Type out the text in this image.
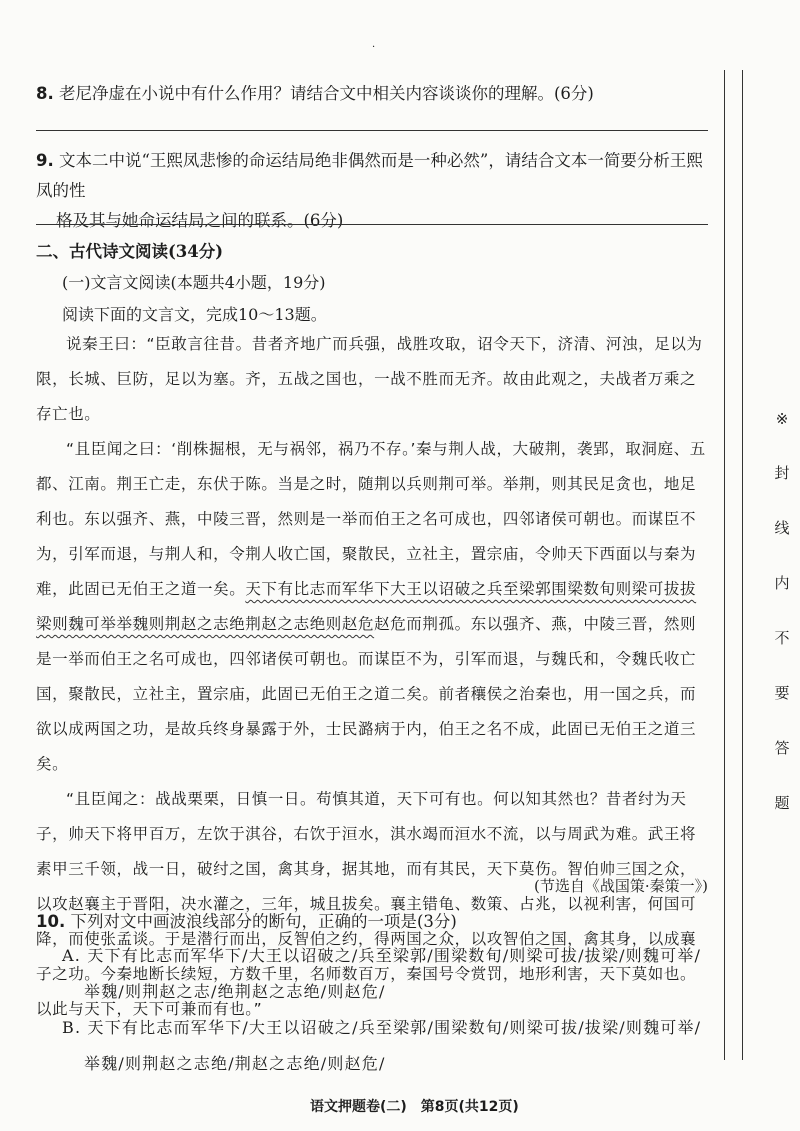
·
8. 老尼净虚在小说中有什么作用？请结合文中相关内容谈谈你的理解。(6分)
9. 文本二中说“王熙凤悲惨的命运结局绝非偶然而是一种必然”，请结合文本一简要分析王熙凤的性
格及其与她命运结局之间的联系。(6分)
二、古代诗文阅读(34分)
(一)文言文阅读(本题共4小题，19分)
阅读下面的文言文，完成10～13题。

说秦王曰：“臣敢言往昔。昔者齐地广而兵强，战胜攻取，诏令天下，济清、河浊，足以为限，长城、巨防，足以为塞。齐，五战之国也，一战不胜而无齐。故由此观之，夫战者万乘之存亡也。

“且臣闻之曰：‘削株掘根，无与祸邻，祸乃不存。’秦与荆人战，大破荆，袭郢，取洞庭、五都、江南。荆王亡走，东伏于陈。当是之时，随荆以兵则荆可举。举荆，则其民足贪也，地足利也。东以强齐、燕，中陵三晋，然则是一举而伯王之名可成也，四邻诸侯可朝也。而谋臣不为，引军而退，与荆人和，令荆人收亡国，聚散民，立社主，置宗庙，令帅天下西面以与秦为难，此固已无伯王之道一矣。天下有比志而军华下大王以诏破之兵至梁郭围梁数旬则梁可拔拔梁则魏可举举魏则荆赵之志绝荆赵之志绝则赵危赵危而荆孤。东以强齐、燕，中陵三晋，然则是一举而伯王之名可成也，四邻诸侯可朝也。而谋臣不为，引军而退，与魏氏和，令魏氏收亡国，聚散民，立社主，置宗庙，此固已无伯王之道二矣。前者穰侯之治秦也，用一国之兵，而欲以成两国之功，是故兵终身暴露于外，士民潞病于内，伯王之名不成，此固已无伯王之道三矣。

“且臣闻之：战战栗栗，日慎一日。苟慎其道，天下可有也。何以知其然也？昔者纣为天子，帅天下将甲百万，左饮于淇谷，右饮于洹水，淇水竭而洹水不流，以与周武为难。武王将素甲三千领，战一日，破纣之国，禽其身，据其地，而有其民，天下莫伤。智伯帅三国之众，以攻赵襄主于晋阳，决水灌之，三年，城且拔矣。襄主错龟、数策、占兆，以视利害，何国可降，而使张孟谈。于是潜行而出，反智伯之约，得两国之众，以攻智伯之国，禽其身，以成襄子之功。今秦地断长续短，方数千里，名师数百万，秦国号令赏罚，地形利害，天下莫如也。以此与天下，天下可兼而有也。”

(节选自《战国策·秦策一》)
10. 下列对文中画波浪线部分的断句，正确的一项是(3分)

A. 天下有比志而军华下/大王以诏破之/兵至梁郭/围梁数旬/则梁可拔/拔梁/则魏可举/举魏/则荆赵之志/绝荆赵之志绝/则赵危/

B. 天下有比志而军华下/大王以诏破之/兵至梁郭/围梁数旬/则梁可拔/拔梁/则魏可举/举魏/则荆赵之志绝/荆赵之志绝/则赵危/

语文押题卷(二)　第8页(共12页)
※
封
线
内
不
要
答
题
